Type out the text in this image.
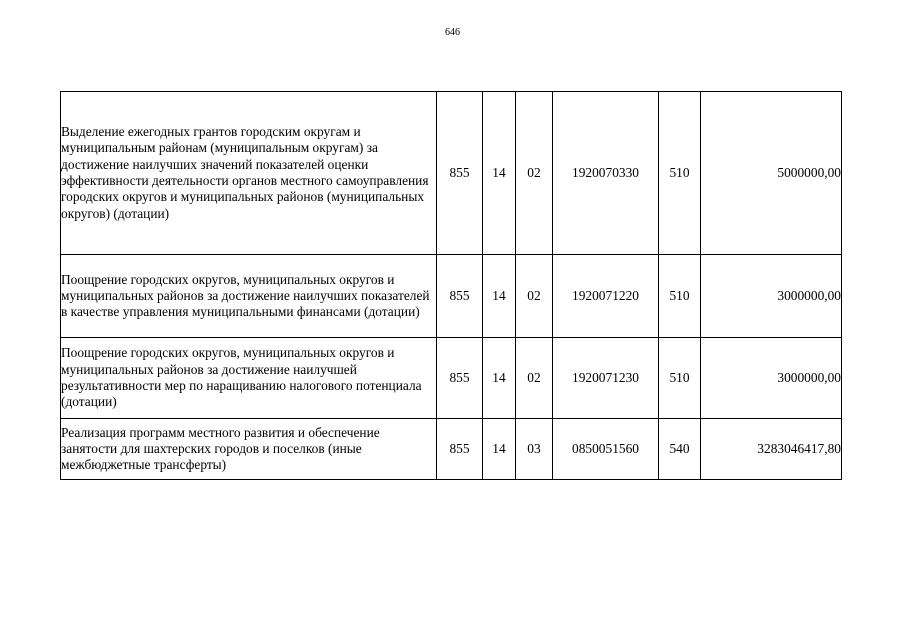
646
Выделение ежегодных грантов городским округам и муниципальным районам (муниципальным округам) за достижение наилучших значений показателей оценки эффективности деятельности органов местного самоуправления городских округов и муниципальных районов (муниципальных округов) (дотации)	855	14	02	1920070330	510	5000000,00
Поощрение городских округов, муниципальных округов и муниципальных районов за достижение наилучших показателей в качестве управления муниципальными финансами (дотации)	855	14	02	1920071220	510	3000000,00
Поощрение городских округов, муниципальных округов и муниципальных районов за достижение наилучшей результативности мер по наращиванию налогового потенциала (дотации)	855	14	02	1920071230	510	3000000,00
Реализация программ местного развития и обеспечение занятости для шахтерских городов и поселков (иные межбюджетные трансферты)	855	14	03	0850051560	540	3283046417,80
